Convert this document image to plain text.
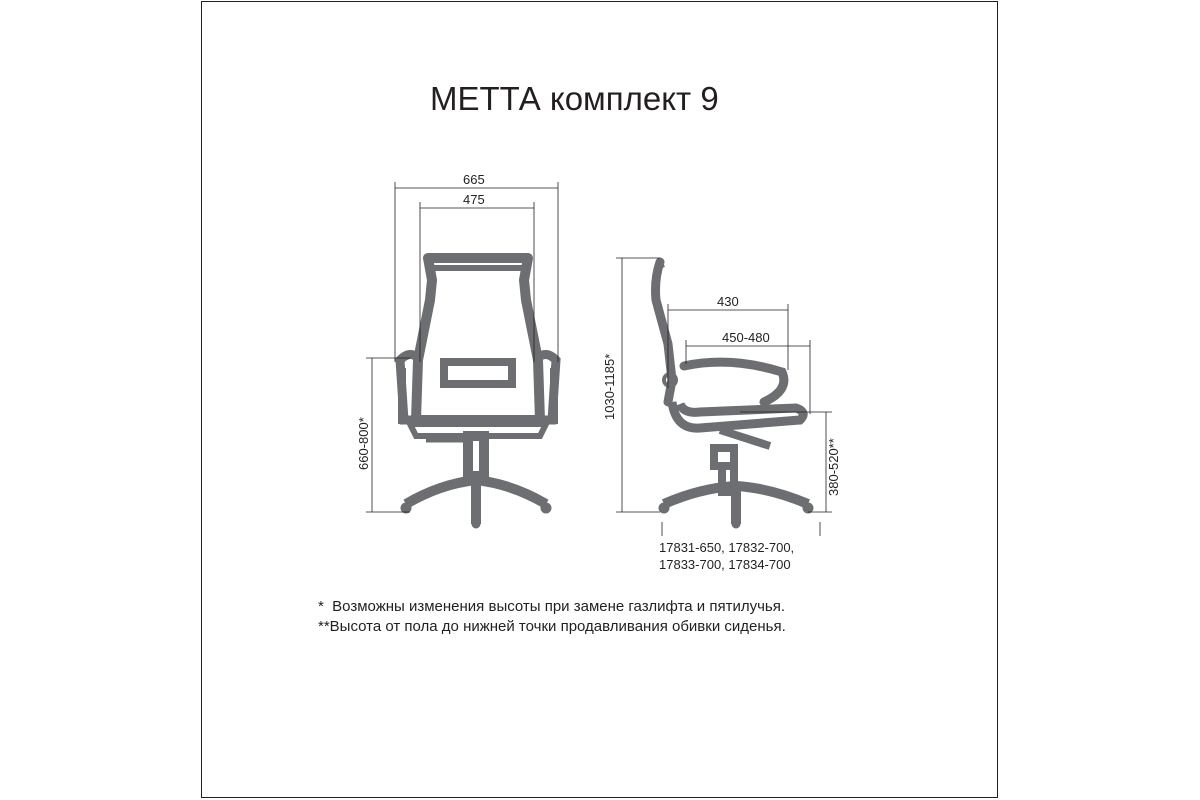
МЕТТА комплект 9
665
475
430
450-480
660-800*
1030-1185*
380-520**
17831-650, 17832-700,
17833-700, 17834-700
*  Возможны изменения высоты при замене газлифта и пятилучья.
**Высота от пола до нижней точки продавливания обивки сиденья.
